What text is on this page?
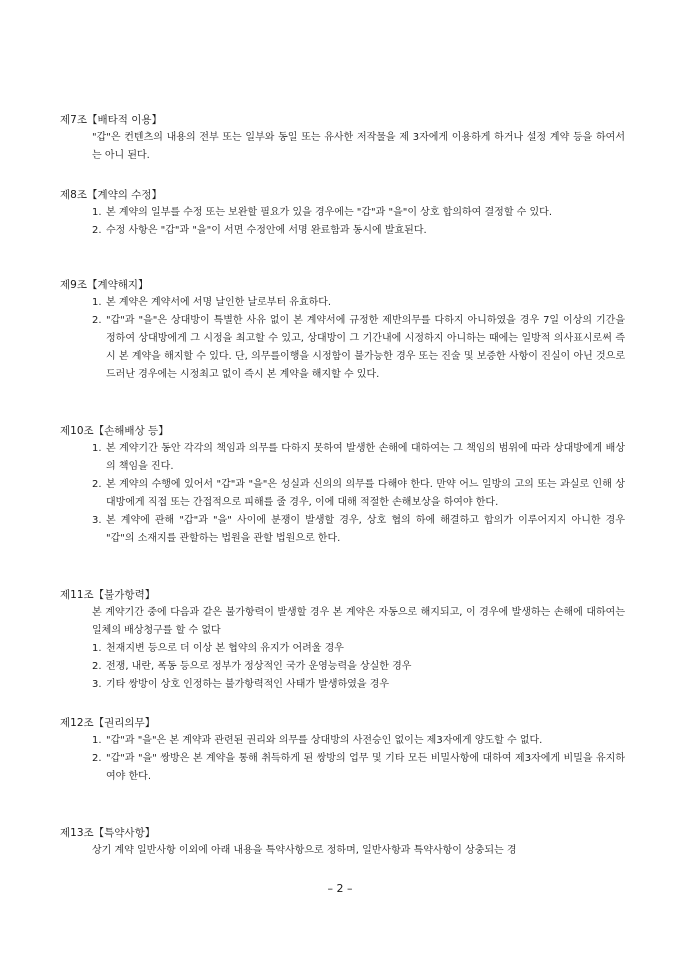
제7조【배타적 이용】
"갑"은 컨텐츠의 내용의 전부 또는 일부와 동일 또는 유사한 저작물을 제 3자에게 이용하게 하거나 설정 계약 등을 하여서는 아니 된다.
제8조【계약의 수정】
1. 본 계약의 일부를 수정 또는 보완할 필요가 있을 경우에는 "갑"과 "을"이 상호 합의하여 결정할 수 있다.
2. 수정 사항은 "갑"과 "을"이 서면 수정안에 서명 완료함과 동시에 발효된다.
제9조【계약해지】
1. 본 계약은 계약서에 서명 날인한 날로부터 유효하다.
2. "갑"과 "을"은 상대방이 특별한 사유 없이 본 계약서에 규정한 제반의무를 다하지 아니하였을 경우 7일 이상의 기간을 정하여 상대방에게 그 시정을 최고할 수 있고, 상대방이 그 기간내에 시정하지 아니하는 때에는 일방적 의사표시로써 즉시 본 계약을 해지할 수 있다. 단, 의무를이행을 시정함이 불가능한 경우 또는 진술 및 보증한 사항이 진실이 아닌 것으로 드러난 경우에는 시정최고 없이 즉시 본 계약을 해지할 수 있다.
제10조【손해배상 등】
1. 본 계약기간 동안 각각의 책임과 의무를 다하지 못하여 발생한 손해에 대하여는 그 책임의 범위에 따라 상대방에게 배상의 책임을 진다.
2. 본 계약의 수행에 있어서 "갑"과 "을"은 성실과 신의의 의무를 다해야 한다. 만약 어느 일방의 고의 또는 과실로 인해 상대방에게 직접 또는 간접적으로 피해를 줄 경우, 이에 대해 적절한 손해보상을 하여야 한다.
3. 본 계약에 관해 "갑"과 "을" 사이에 분쟁이 발생할 경우, 상호 협의 하에 해결하고 합의가 이루어지지 아니한 경우 "갑"의 소재지를 관할하는 법원을 관할 법원으로 한다.
제11조【불가항력】
본 계약기간 중에 다음과 같은 불가항력이 발생할 경우 본 계약은 자동으로 해지되고, 이 경우에 발생하는 손해에 대하여는 일체의 배상청구를 할 수 없다
1. 천재지변 등으로 더 이상 본 협약의 유지가 어려울 경우
2. 전쟁, 내란, 폭동 등으로 정부가 정상적인 국가 운영능력을 상실한 경우
3. 기타 쌍방이 상호 인정하는 불가항력적인 사태가 발생하였을 경우
제12조【권리의무】
1. "갑"과 "을"은 본 계약과 관련된 권리와 의무를 상대방의 사전승인 없이는 제3자에게 양도할 수 없다.
2. "갑"과 "을" 쌍방은 본 계약을 통해 취득하게 된 쌍방의 업무 및 기타 모든 비밀사항에 대하여 제3자에게 비밀을 유지하여야 한다.
제13조【특약사항】
상기 계약 일반사항 이외에 아래 내용을 특약사항으로 정하며, 일반사항과 특약사항이 상충되는 경
– 2 –
